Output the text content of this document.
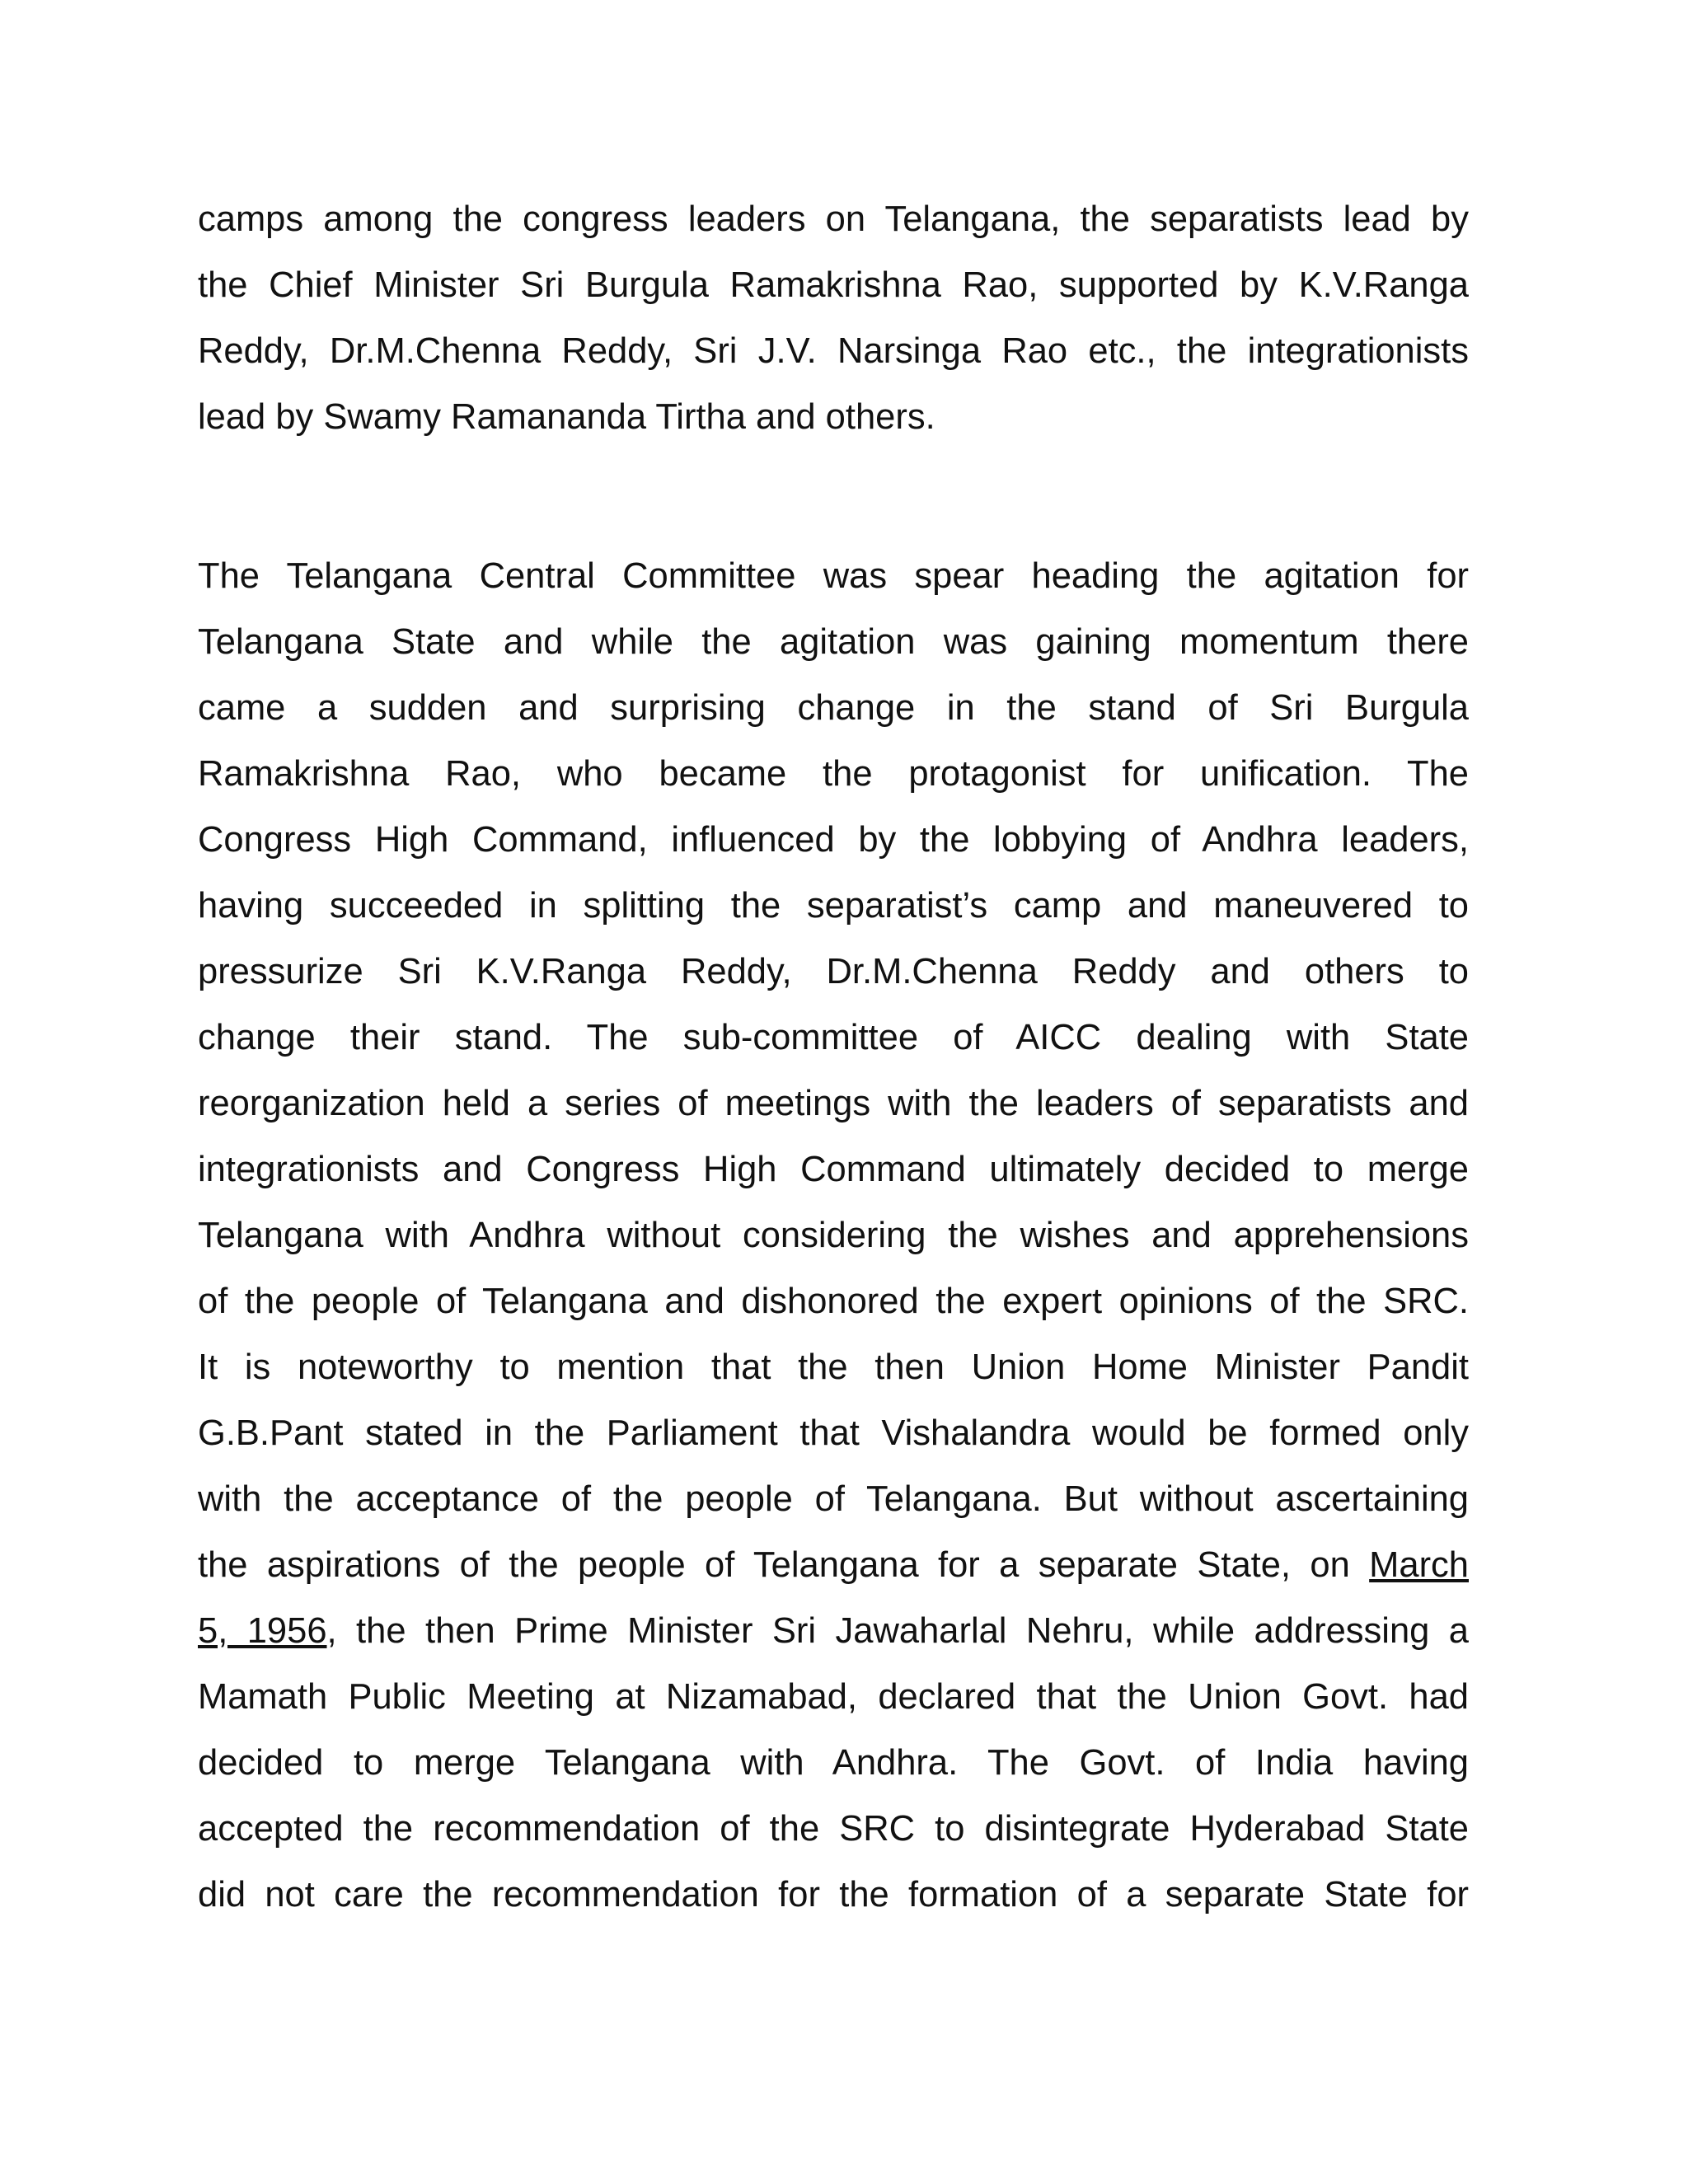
camps among the congress leaders on Telangana, the separatists lead by
the Chief Minister Sri Burgula Ramakrishna Rao, supported by K.V.Ranga
Reddy, Dr.M.Chenna Reddy, Sri J.V. Narsinga Rao etc., the integrationists
lead by Swamy Ramananda Tirtha and others.
The Telangana Central Committee was spear heading the agitation for
Telangana State and while the agitation was gaining momentum there
came a sudden and surprising change in the stand of Sri Burgula
Ramakrishna Rao, who became the protagonist for unification. The
Congress High Command, influenced by the lobbying of Andhra leaders,
having succeeded in splitting the separatist’s camp and maneuvered to
pressurize Sri K.V.Ranga Reddy, Dr.M.Chenna Reddy and others to
change their stand. The sub-committee of AICC dealing with State
reorganization held a series of meetings with the leaders of separatists and
integrationists and Congress High Command ultimately decided to merge
Telangana with Andhra without considering the wishes and apprehensions
of the people of Telangana and dishonored the expert opinions of the SRC.
It is noteworthy to mention that the then Union Home Minister Pandit
G.B.Pant stated in the Parliament that Vishalandra would be formed only
with the acceptance of the people of Telangana. But without ascertaining
the aspirations of the people of Telangana for a separate State, on March
5, 1956, the then Prime Minister Sri Jawaharlal Nehru, while addressing a
Mamath Public Meeting at Nizamabad, declared that the Union Govt. had
decided to merge Telangana with Andhra. The Govt. of India having
accepted the recommendation of the SRC to disintegrate Hyderabad State
did not care the recommendation for the formation of a separate State for
